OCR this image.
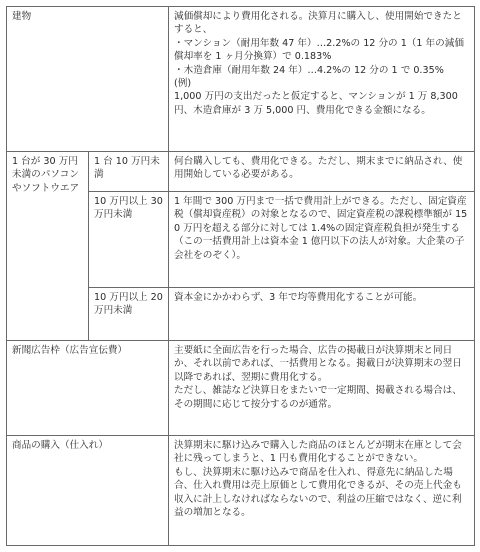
建物		減価償却により費用化される。決算月に購入し、使用開始できたとすると、
・マンション（耐用年数 47 年）…2.2%の 12 分の 1（1 年の減価償却率を 1 ヶ月分換算）で 0.183%
・木造倉庫（耐用年数 24 年）…4.2%の 12 分の 1 で 0.35%
(例)
1,000 万円の支出だったと仮定すると、マンションが 1 万 8,300 円、木造倉庫が 3 万 5,000 円、費用化できる金額になる。
1 台が 30 万円未満のパソコンやソフトウエア	1 台 10 万円未満	何台購入しても、費用化できる。ただし、期末までに納品され、使用開始している必要がある。
	10 万円以上 30 万円未満	1 年間で 300 万円まで一括で費用計上ができる。ただし、固定資産税（償却資産税）の対象となるので、固定資産税の課税標準額が 150 万円を超える部分に対しては 1.4%の固定資産税負担が発生する（この一括費用計上は資本金 1 億円以下の法人が対象。大企業の子会社をのぞく）。
	10 万円以上 20 万円未満	資本金にかかわらず、3 年で均等費用化することが可能。
新聞広告枠（広告宣伝費）		主要紙に全面広告を行った場合、広告の掲載日が決算期末と同日か、それ以前であれば、一括費用となる。掲載日が決算期末の翌日以降であれば、翌期に費用化する。
ただし、雑誌など決算日をまたいで一定期間、掲載される場合は、その期間に応じて按分するのが通常。
商品の購入（仕入れ）		決算期末に駆け込みで購入した商品のほとんどが期末在庫として会社に残ってしまうと、1 円も費用化することができない。
もし、決算期末に駆け込みで商品を仕入れ、得意先に納品した場合、仕入れ費用は売上原価として費用化できるが、その売上代金も収入に計上しなければならないので、利益の圧縮ではなく、逆に利益の増加となる。
